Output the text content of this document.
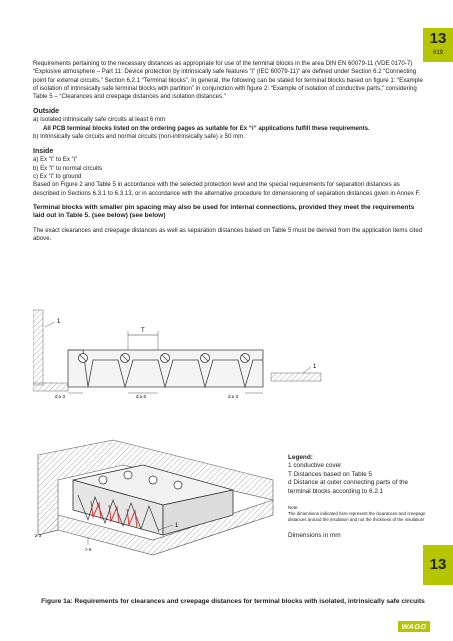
13
619

Requirements pertaining to the necessary distances as appropriate for use of the terminal blocks in the area DIN EN 60079-11 (VDE 0170-7) “Explosive atmosphere – Part 11: Device protection by intrinsically safe features “i” (IEC 60079-11)” are defined under Section 6.2 “Connecting point for external circuits,” Section 6.2.1 “Terminal blocks”. In general, the following can be stated for terminal blocks based on figure 1: “Example of isolation of intrinsically safe terminal blocks with partition” in conjunction with figure 2: “Example of isolation of conductive parts,” considering Table 5 – “Clearances and creepage distances and isolation distances.”

Outside
a) Isolated intrinsically safe circuits at least 6 mm
All PCB terminal blocks listed on the ordering pages as suitable for Ex “i” applications fulfill these requirements.
b) Intrinsically safe circuits and normal circuits (non-intrinsically safe) ≥ 50 mm.
Inside
a) Ex “i” to Ex “i”
b) Ex “i” to normal circuits
c) Ex “i” to ground

Based on Figure 2 and Table 5 in accordance with the selected protection level and the special requirements for separation distances as described in Sections 6.3.1 to 6.3.13, or in accordance with the alternative procedure for dimensioning of separation distances given in Annex F.

Terminal blocks with smaller pin spacing may also be used for internal connections, provided they meet the requirements laid out in Table 5. (see below) (see below)

The exact clearances and creepage distances as well as separation distances based on Table 5 must be derived from the application items cited above.

T
1
1
d ≥ 3	d ≥ 6	d ≥ 3
1
≥ 3
> 6
Legend:
1 conductive cover
T Distances based on Table 5
d Distance at outer connecting parts of the terminal blocks according to 6.2.1
Note:
The dimensions indicated here represent the clearances and creepage distances around the insulation and not the thickness of the insulation!
Dimensions in mm
13
Figure 1a: Requirements for clearances and creepage distances for terminal blocks with isolated, intrinsically safe circuits
WAGO
